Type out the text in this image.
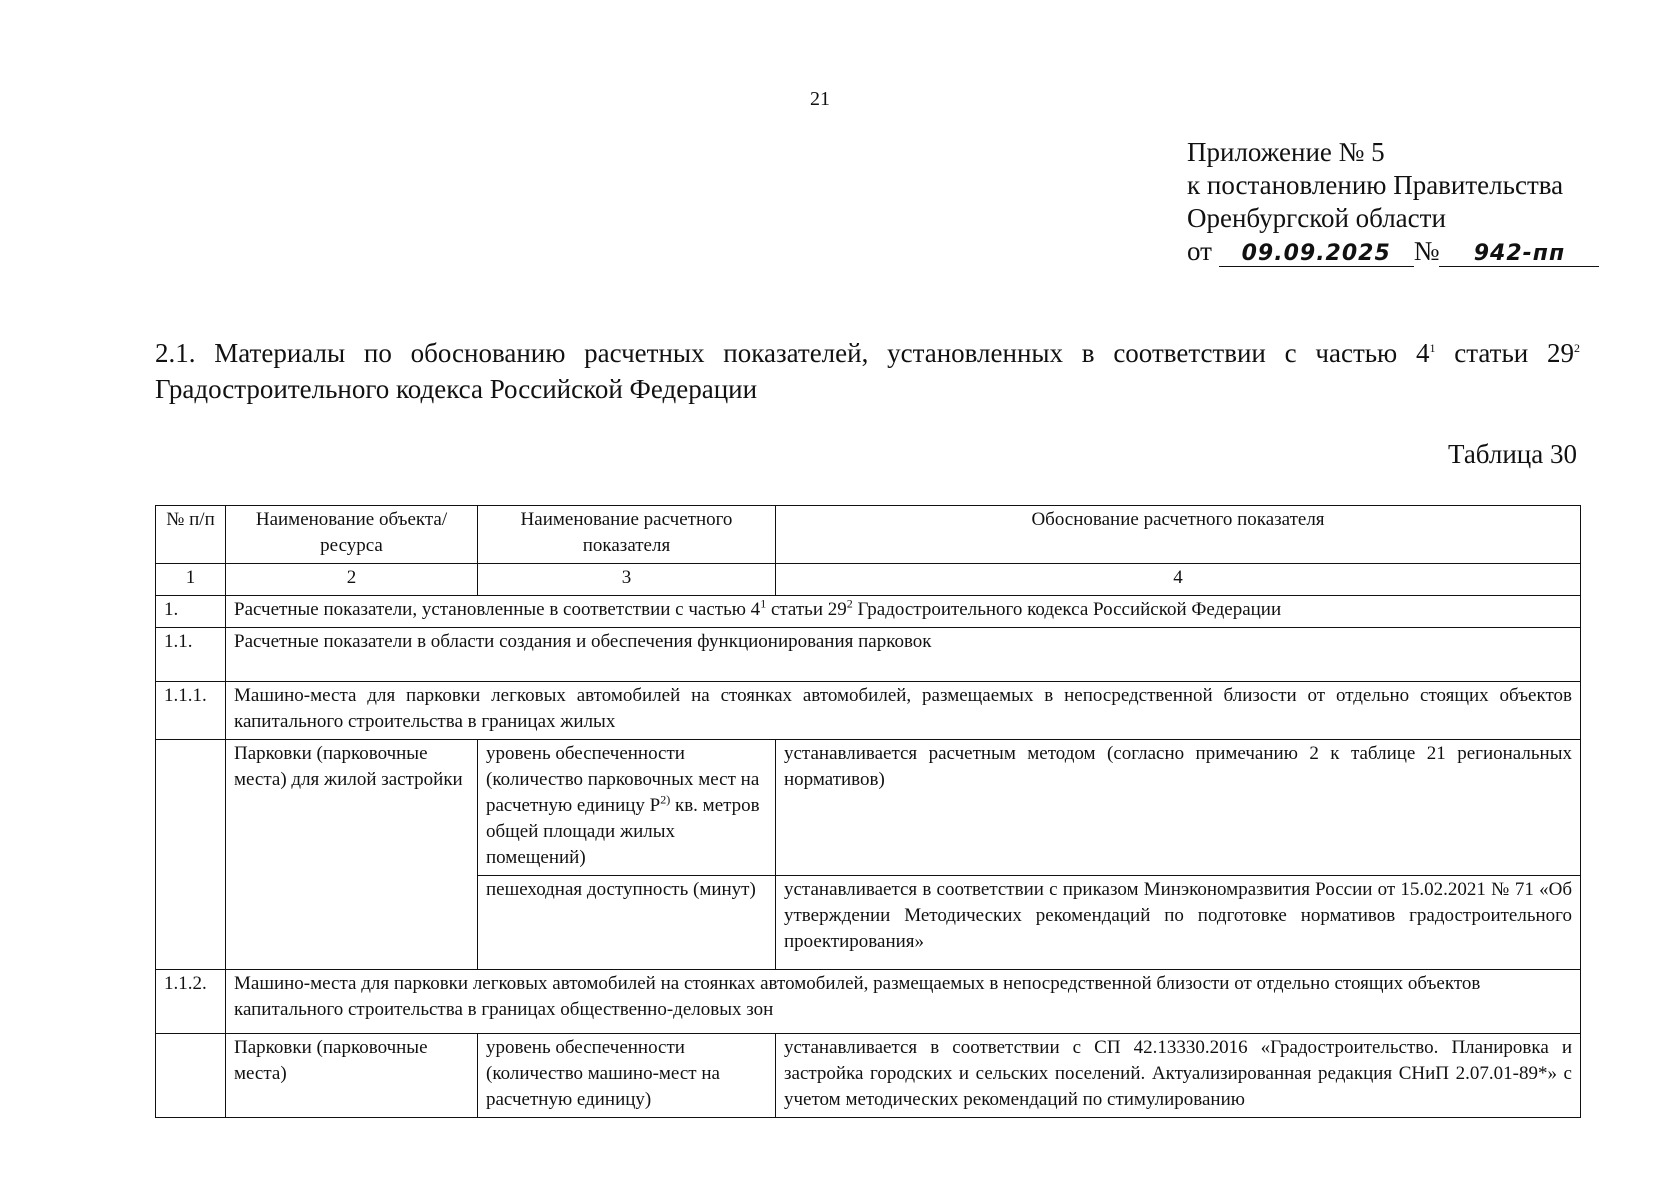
21
Приложение № 5
к постановлению Правительства
Оренбургской области
от 09.09.2025 № 942-пп
2.1. Материалы по обоснованию расчетных показателей, установленных в соответствии с частью $4^1$ статьи $29^2$ Градостроительного кодекса Российской Федерации
Таблица 30
№ п/п	Наименование объекта/ресурса	Наименование расчетного показателя	Обоснование расчетного показателя
1	2	3	4
1.	Расчетные показатели, установленные в соответствии с частью $4^1$ статьи $29^2$ Градостроительного кодекса Российской Федерации		
1.1.	Расчетные показатели в области создания и обеспечения функционирования парковок		
1.1.1.	Машино-места для парковки легковых автомобилей на стоянках автомобилей, размещаемых в непосредственной близости от отдельно стоящих объектов капитального строительства в границах жилых		
	Парковки (парковочные места) для жилой застройки	уровень обеспеченности (количество парковочных мест на расчетную единицу $Р^{2)}$ кв. метров общей площади жилых помещений)	устанавливается расчетным методом (согласно примечанию 2 к таблице 21 региональных нормативов)
		пешеходная доступность (минут)	устанавливается в соответствии с приказом Минэкономразвития России от 15.02.2021 № 71 «Об утверждении Методических рекомендаций по подготовке нормативов градостроительного проектирования»
1.1.2.	Машино-места для парковки легковых автомобилей на стоянках автомобилей, размещаемых в непосредственной близости от отдельно стоящих объектов капитального строительства в границах общественно-деловых зон		
	Парковки (парковочные места)	уровень обеспеченности (количество машино-мест на расчетную единицу)	устанавливается в соответствии с СП 42.13330.2016 «Градостроительство. Планировка и застройка городских и сельских поселений. Актуализированная редакция СНиП 2.07.01-89*» с учетом методических рекомендаций по стимулированию
